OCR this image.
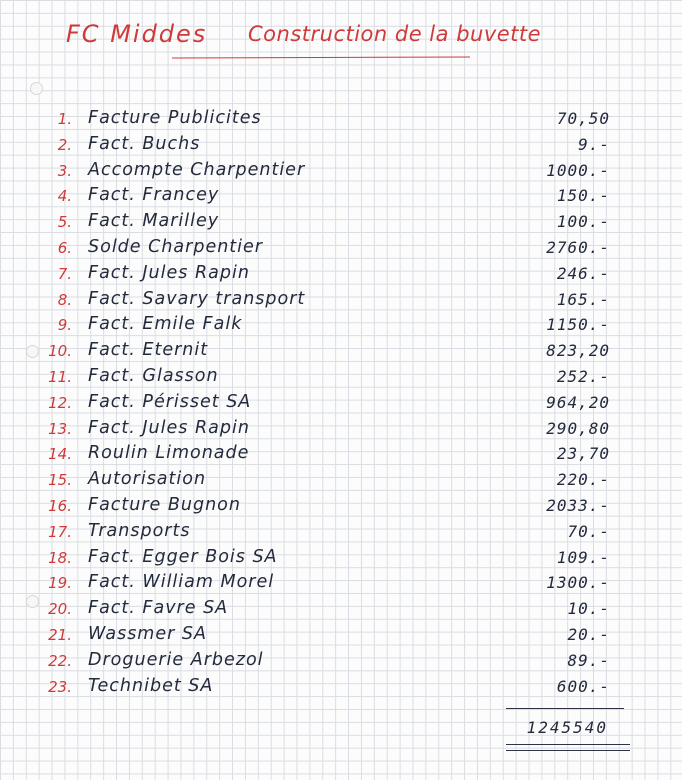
FC Middes Construction de la buvette
1. Facture Publicites	70,50
2. Fact. Buchs	9.-
3. Accompte Charpentier	1000.-
4. Fact. Francey	150.-
5. Fact. Marilley	100.-
6. Solde Charpentier	2760.-
7. Fact. Jules Rapin	246.-
8. Fact. Savary transport	165.-
9. Fact. Emile Falk	1150.-
10. Fact. Eternit	823,20
11. Fact. Glasson	252.-
12. Fact. Périsset SA	964,20
13. Fact. Jules Rapin	290,80
14. Roulin Limonade	23,70
15. Autorisation	220.-
16. Facture Bugnon	2033.-
17. Transports	70.-
18. Fact. Egger Bois SA	109.-
19. Fact. William Morel	1300.-
20. Fact. Favre SA	10.-
21. Wassmer SA	20.-
22. Droguerie Arbezol	89.-
23. Technibet SA	600.-
1245540
